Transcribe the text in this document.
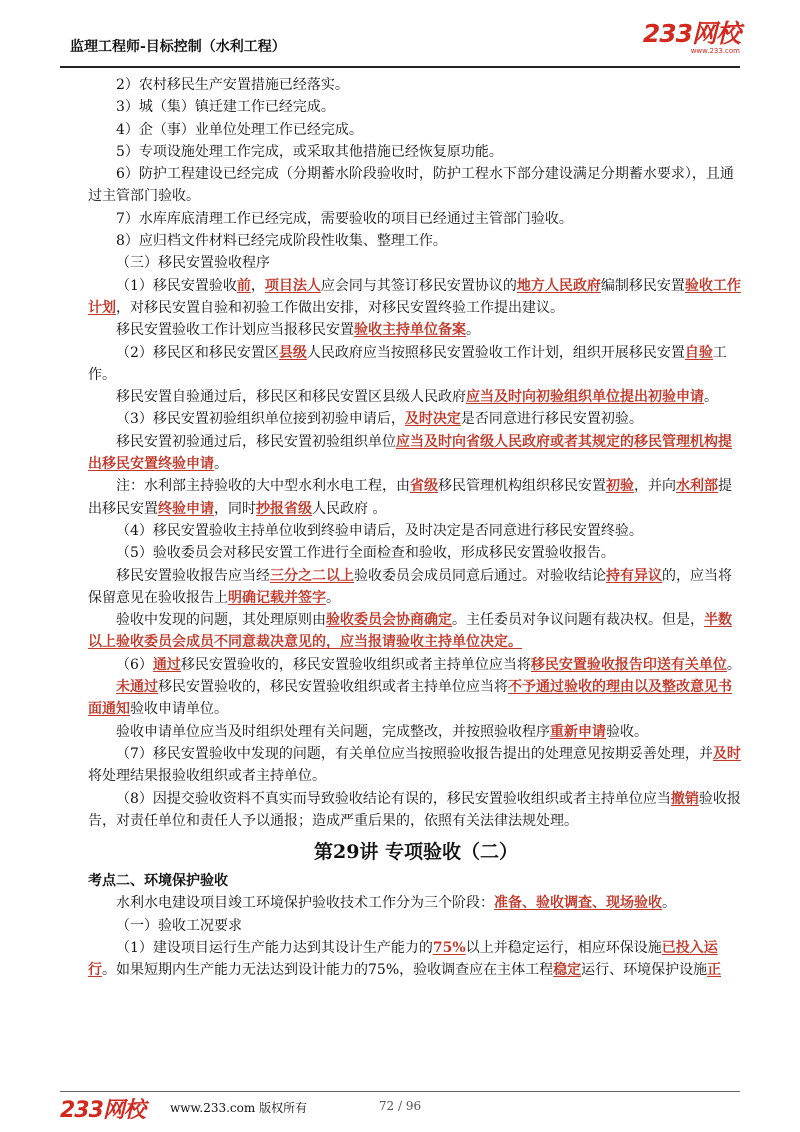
监理工程师-目标控制（水利工程）	233网校
www.233.com

2）农村移民生产安置措施已经落实。

3）城（集）镇迁建工作已经完成。

4）企（事）业单位处理工作已经完成。

5）专项设施处理工作完成，或采取其他措施已经恢复原功能。

6）防护工程建设已经完成（分期蓄水阶段验收时，防护工程水下部分建设满足分期蓄水要求），且通过主管部门验收。

7）水库库底清理工作已经完成，需要验收的项目已经通过主管部门验收。

8）应归档文件材料已经完成阶段性收集、整理工作。

（三）移民安置验收程序

（1）移民安置验收前，项目法人应会同与其签订移民安置协议的地方人民政府编制移民安置验收工作计划，对移民安置自验和初验工作做出安排，对移民安置终验工作提出建议。

移民安置验收工作计划应当报移民安置验收主持单位备案。

（2）移民区和移民安置区县级人民政府应当按照移民安置验收工作计划，组织开展移民安置自验工作。

移民安置自验通过后，移民区和移民安置区县级人民政府应当及时向初验组织单位提出初验申请。

（3）移民安置初验组织单位接到初验申请后，及时决定是否同意进行移民安置初验。

移民安置初验通过后，移民安置初验组织单位应当及时向省级人民政府或者其规定的移民管理机构提出移民安置终验申请。

注：水利部主持验收的大中型水利水电工程，由省级移民管理机构组织移民安置初验，并向水利部提出移民安置终验申请，同时抄报省级人民政府 。

（4）移民安置验收主持单位收到终验申请后，及时决定是否同意进行移民安置终验。

（5）验收委员会对移民安置工作进行全面检查和验收，形成移民安置验收报告。

移民安置验收报告应当经三分之二以上验收委员会成员同意后通过。对验收结论持有异议的，应当将保留意见在验收报告上明确记载并签字。

验收中发现的问题，其处理原则由验收委员会协商确定。主任委员对争议问题有裁决权。但是，半数以上验收委员会成员不同意裁决意见的，应当报请验收主持单位决定。

（6）通过移民安置验收的，移民安置验收组织或者主持单位应当将移民安置验收报告印送有关单位。

未通过移民安置验收的，移民安置验收组织或者主持单位应当将不予通过验收的理由以及整改意见书面通知验收申请单位。

验收申请单位应当及时组织处理有关问题，完成整改，并按照验收程序重新申请验收。

（7）移民安置验收中发现的问题，有关单位应当按照验收报告提出的处理意见按期妥善处理，并及时将处理结果报验收组织或者主持单位。

（8）因提交验收资料不真实而导致验收结论有误的，移民安置验收组织或者主持单位应当撤销验收报告，对责任单位和责任人予以通报；造成严重后果的，依照有关法律法规处理。

第29讲 专项验收（二）

考点二、环境保护验收

水利水电建设项目竣工环境保护验收技术工作分为三个阶段：准备、验收调查、现场验收。

（一）验收工况要求

（1）建设项目运行生产能力达到其设计生产能力的75%以上并稳定运行，相应环保设施已投入运行。如果短期内生产能力无法达到设计能力的75%，验收调查应在主体工程稳定运行、环境保护设施正

233网校 www.233.com 版权所有	72 / 96
